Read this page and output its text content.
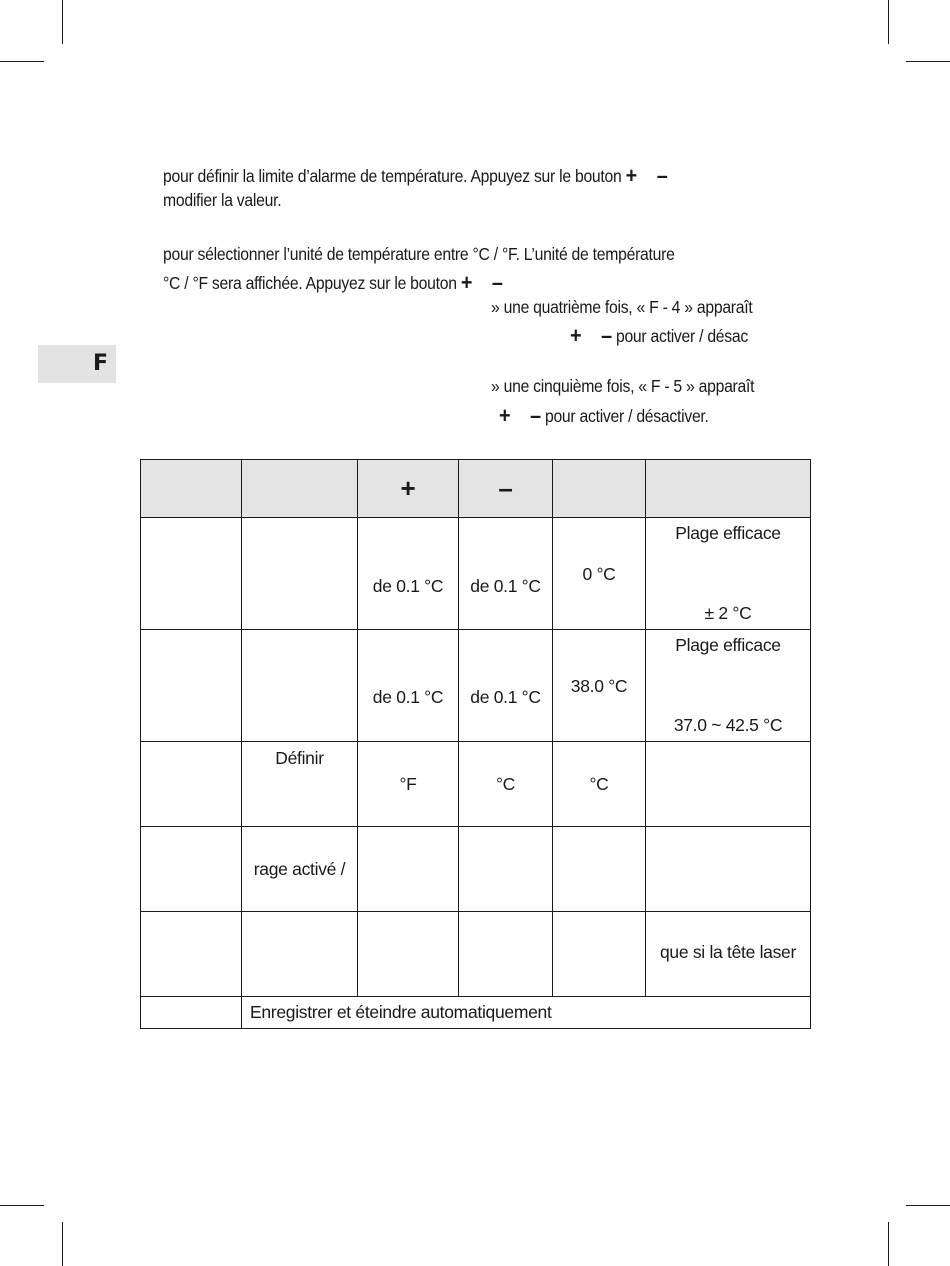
pour définir la limite d’alarme de température. Appuyez sur le bouton + –
modifier la valeur.
pour sélectionner l’unité de température entre °C / °F. L’unité de température
°C / °F sera affichée. Appuyez sur le bouton + –
» une quatrième fois, « F - 4 » apparaît
+ – pour activer / désac
F
» une cinquième fois, « F - 5 » apparaît
+ – pour activer / désactiver.
		+	–		

		de 0.1 °C	de 0.1 °C	0 °C	Plage efficace
± 2 °C

		de 0.1 °C	de 0.1 °C	38.0 °C	Plage efficace
37.0 ~ 42.5 °C

	Définir	°F	°C	°C	

	rage activé /				

					que si la tête laser

	Enregistrer et éteindre automatiquement				
